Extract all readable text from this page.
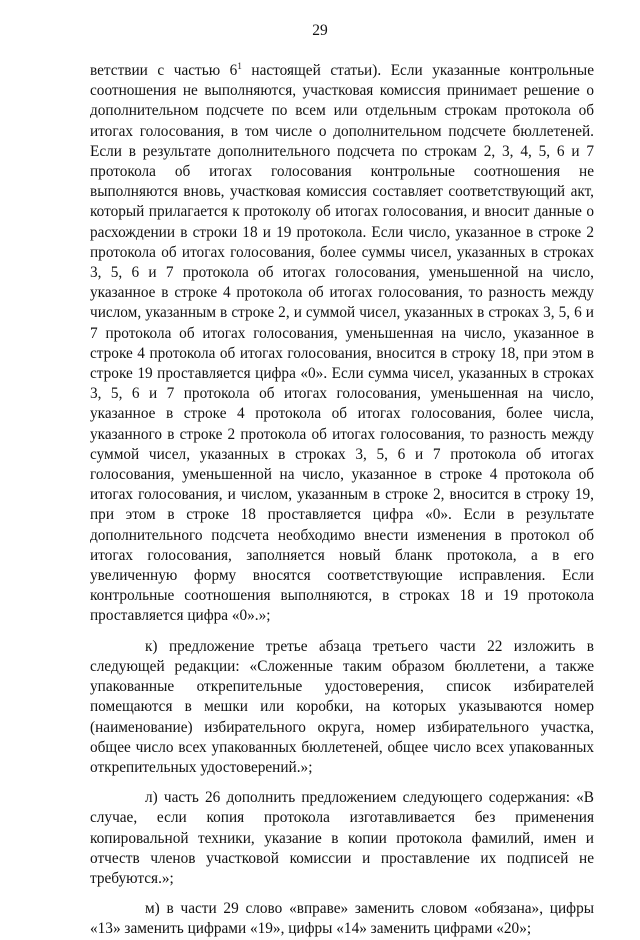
29

ветствии с частью $6^1$ настоящей статьи). Если указанные контрольные соотношения не выполняются, участковая комиссия принимает решение о дополнительном подсчете по всем или отдельным строкам протокола об итогах голосования, в том числе о дополнительном подсчете бюллетеней. Если в результате дополнительного подсчета по строкам 2, 3, 4, 5, 6 и 7 протокола об итогах голосования контрольные соотношения не выполняются вновь, участковая комиссия составляет соответствующий акт, который прилагается к протоколу об итогах голосования, и вносит данные о расхождении в строки 18 и 19 протокола. Если число, указанное в строке 2 протокола об итогах голосования, более суммы чисел, указанных в строках 3, 5, 6 и 7 протокола об итогах голосования, уменьшенной на число, указанное в строке 4 протокола об итогах голосования, то разность между числом, указанным в строке 2, и суммой чисел, указанных в строках 3, 5, 6 и 7 протокола об итогах голосования, уменьшенная на число, указанное в строке 4 протокола об итогах голосования, вносится в строку 18, при этом в строке 19 проставляется цифра «0». Если сумма чисел, указанных в строках 3, 5, 6 и 7 протокола об итогах голосования, уменьшенная на число, указанное в строке 4 протокола об итогах голосования, более числа, указанного в строке 2 протокола об итогах голосования, то разность между суммой чисел, указанных в строках 3, 5, 6 и 7 протокола об итогах голосования, уменьшенной на число, указанное в строке 4 протокола об итогах голосования, и числом, указанным в строке 2, вносится в строку 19, при этом в строке 18 проставляется цифра «0». Если в результате дополнительного подсчета необходимо внести изменения в протокол об итогах голосования, заполняется новый бланк протокола, а в его увеличенную форму вносятся соответствующие исправления. Если контрольные соотношения выполняются, в строках 18 и 19 протокола проставляется цифра «0».»;

к) предложение третье абзаца третьего части 22 изложить в следующей редакции: «Сложенные таким образом бюллетени, а также упакованные открепительные удостоверения, список избирателей помещаются в мешки или коробки, на которых указываются номер (наименование) избирательного округа, номер избирательного участка, общее число всех упакованных бюллетеней, общее число всех упакованных открепительных удостоверений.»;

л) часть 26 дополнить предложением следующего содержания: «В случае, если копия протокола изготавливается без применения копировальной техники, указание в копии протокола фамилий, имен и отчеств членов участковой комиссии и проставление их подписей не требуются.»;

м) в части 29 слово «вправе» заменить словом «обязана», цифры «13» заменить цифрами «19», цифры «14» заменить цифрами «20»;
